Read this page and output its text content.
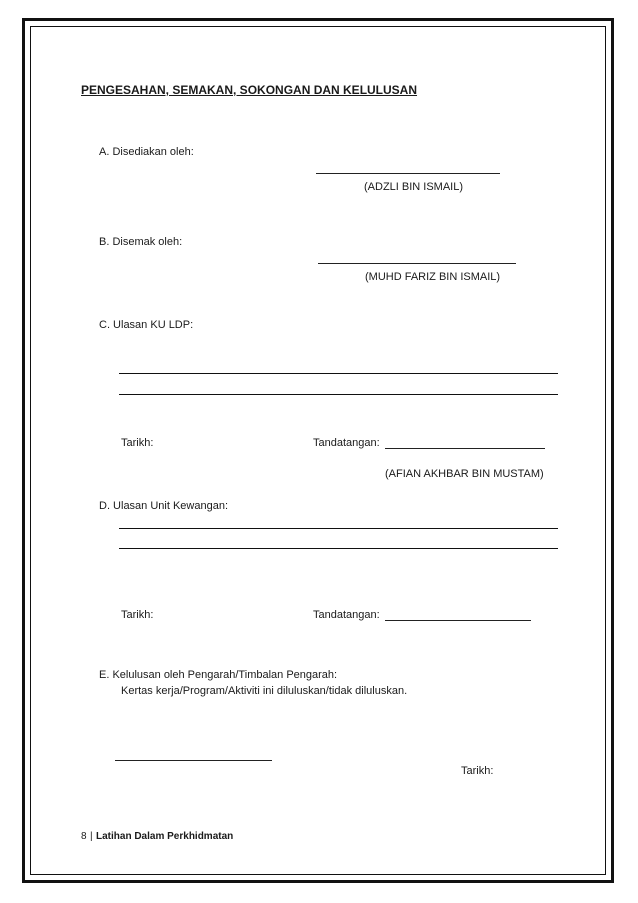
PENGESAHAN, SEMAKAN, SOKONGAN DAN KELULUSAN
A. Disediakan oleh:
(ADZLI BIN ISMAIL)
B. Disemak oleh:
(MUHD FARIZ BIN ISMAIL)
C. Ulasan KU LDP:
Tarikh:	Tandatangan:
(AFIAN AKHBAR BIN MUSTAM)
D. Ulasan Unit Kewangan:
Tarikh:	Tandatangan:
E. Kelulusan oleh Pengarah/Timbalan Pengarah:
Kertas kerja/Program/Aktiviti ini diluluskan/tidak diluluskan.
Tarikh:
8 | Latihan Dalam Perkhidmatan
